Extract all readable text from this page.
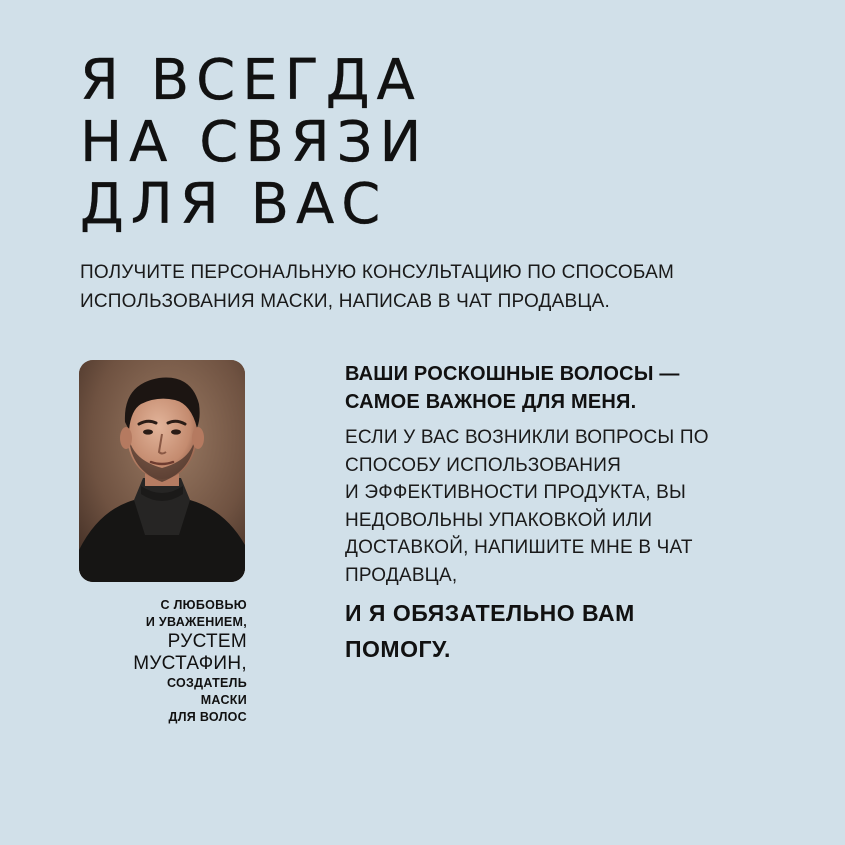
Я ВСЕГДА
НА СВЯЗИ
ДЛЯ ВАС
ПОЛУЧИТЕ ПЕРСОНАЛЬНУЮ КОНСУЛЬТАЦИЮ ПО СПОСОБАМ
ИСПОЛЬЗОВАНИЯ МАСКИ, НАПИСАВ В ЧАТ ПРОДАВЦА.
С ЛЮБОВЬЮ
И УВАЖЕНИЕМ,
РУСТЕМ
МУСТАФИН,
СОЗДАТЕЛЬ
МАСКИ
ДЛЯ ВОЛОС

ВАШИ РОСКОШНЫЕ ВОЛОСЫ —
САМОЕ ВАЖНОЕ ДЛЯ МЕНЯ.

ЕСЛИ У ВАС ВОЗНИКЛИ ВОПРОСЫ ПО
СПОСОБУ ИСПОЛЬЗОВАНИЯ
И ЭФФЕКТИВНОСТИ ПРОДУКТА, ВЫ
НЕДОВОЛЬНЫ УПАКОВКОЙ ИЛИ
ДОСТАВКОЙ, НАПИШИТЕ МНЕ В ЧАТ
ПРОДАВЦА,

И Я ОБЯЗАТЕЛЬНО ВАМ
ПОМОГУ.
